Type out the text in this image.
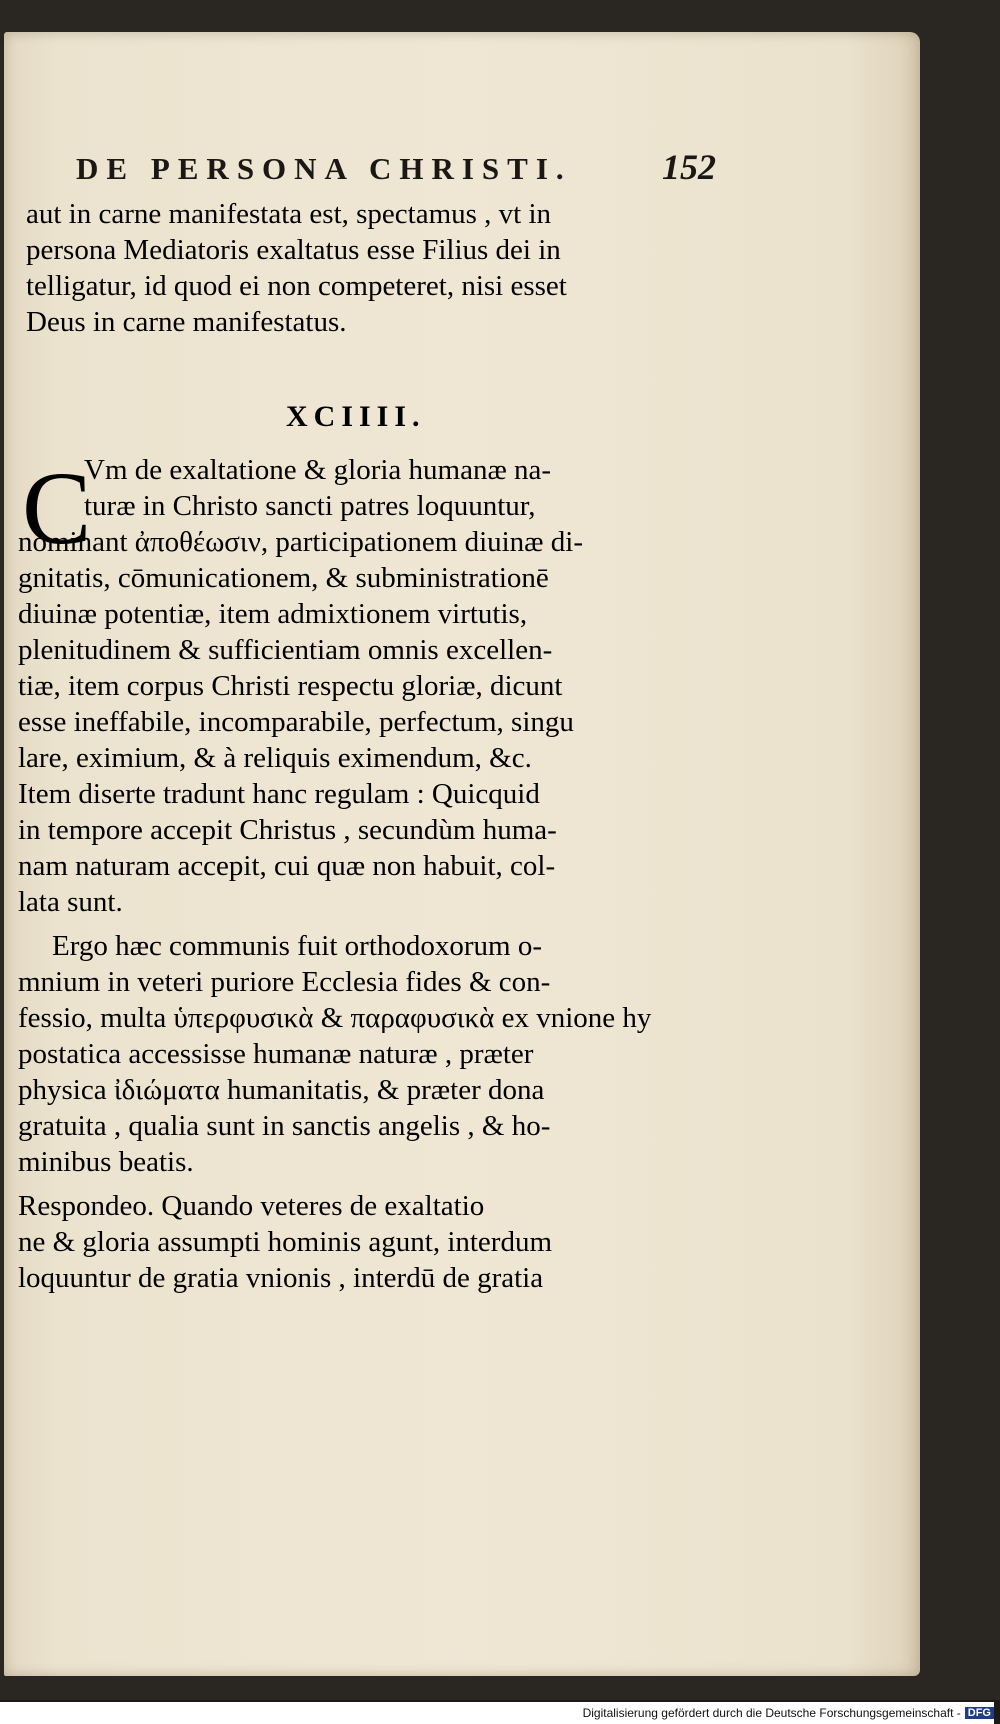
DE PERSONA CHRISTI.	152
aut in carne manifestata est, spectamus , vt in
persona Mediatoris exaltatus esse Filius dei in
telligatur, id quod ei non competeret, nisi esset
Deus in carne manifestatus.
XCIIII.
C
Vm de exaltatione & gloria humanæ na-
turæ in Christo sancti patres loquuntur,
nominant ἀποθέωσιν, participationem diuinæ di-
gnitatis, cōmunicationem, & subministrationē
diuinæ potentiæ, item admixtionem virtutis,
plenitudinem & sufficientiam omnis excellen-
tiæ, item corpus Christi respectu gloriæ, dicunt
esse ineffabile, incomparabile, perfectum, singu
lare, eximium, & à reliquis eximendum, &c.
Item diserte tradunt hanc regulam : Quicquid
in tempore accepit Christus , secundùm huma-
nam naturam accepit, cui quæ non habuit, col-
lata sunt.
Ergo hæc communis fuit orthodoxorum o-
mnium in veteri puriore Ecclesia fides & con-
fessio, multa ὑπερφυσικὰ & παραφυσικὰ ex vnione hy
postatica accessisse humanæ naturæ , præter
physica ἰδιώματα humanitatis, & præter dona
gratuita , qualia sunt in sanctis angelis , & ho-
minibus beatis.
Respondeo. Quando veteres de exaltatio
ne & gloria assumpti hominis agunt, interdum
loquuntur de gratia vnionis , interdū de gratia
Digitalisierung gefördert durch die Deutsche Forschungsgemeinschaft - DFG
